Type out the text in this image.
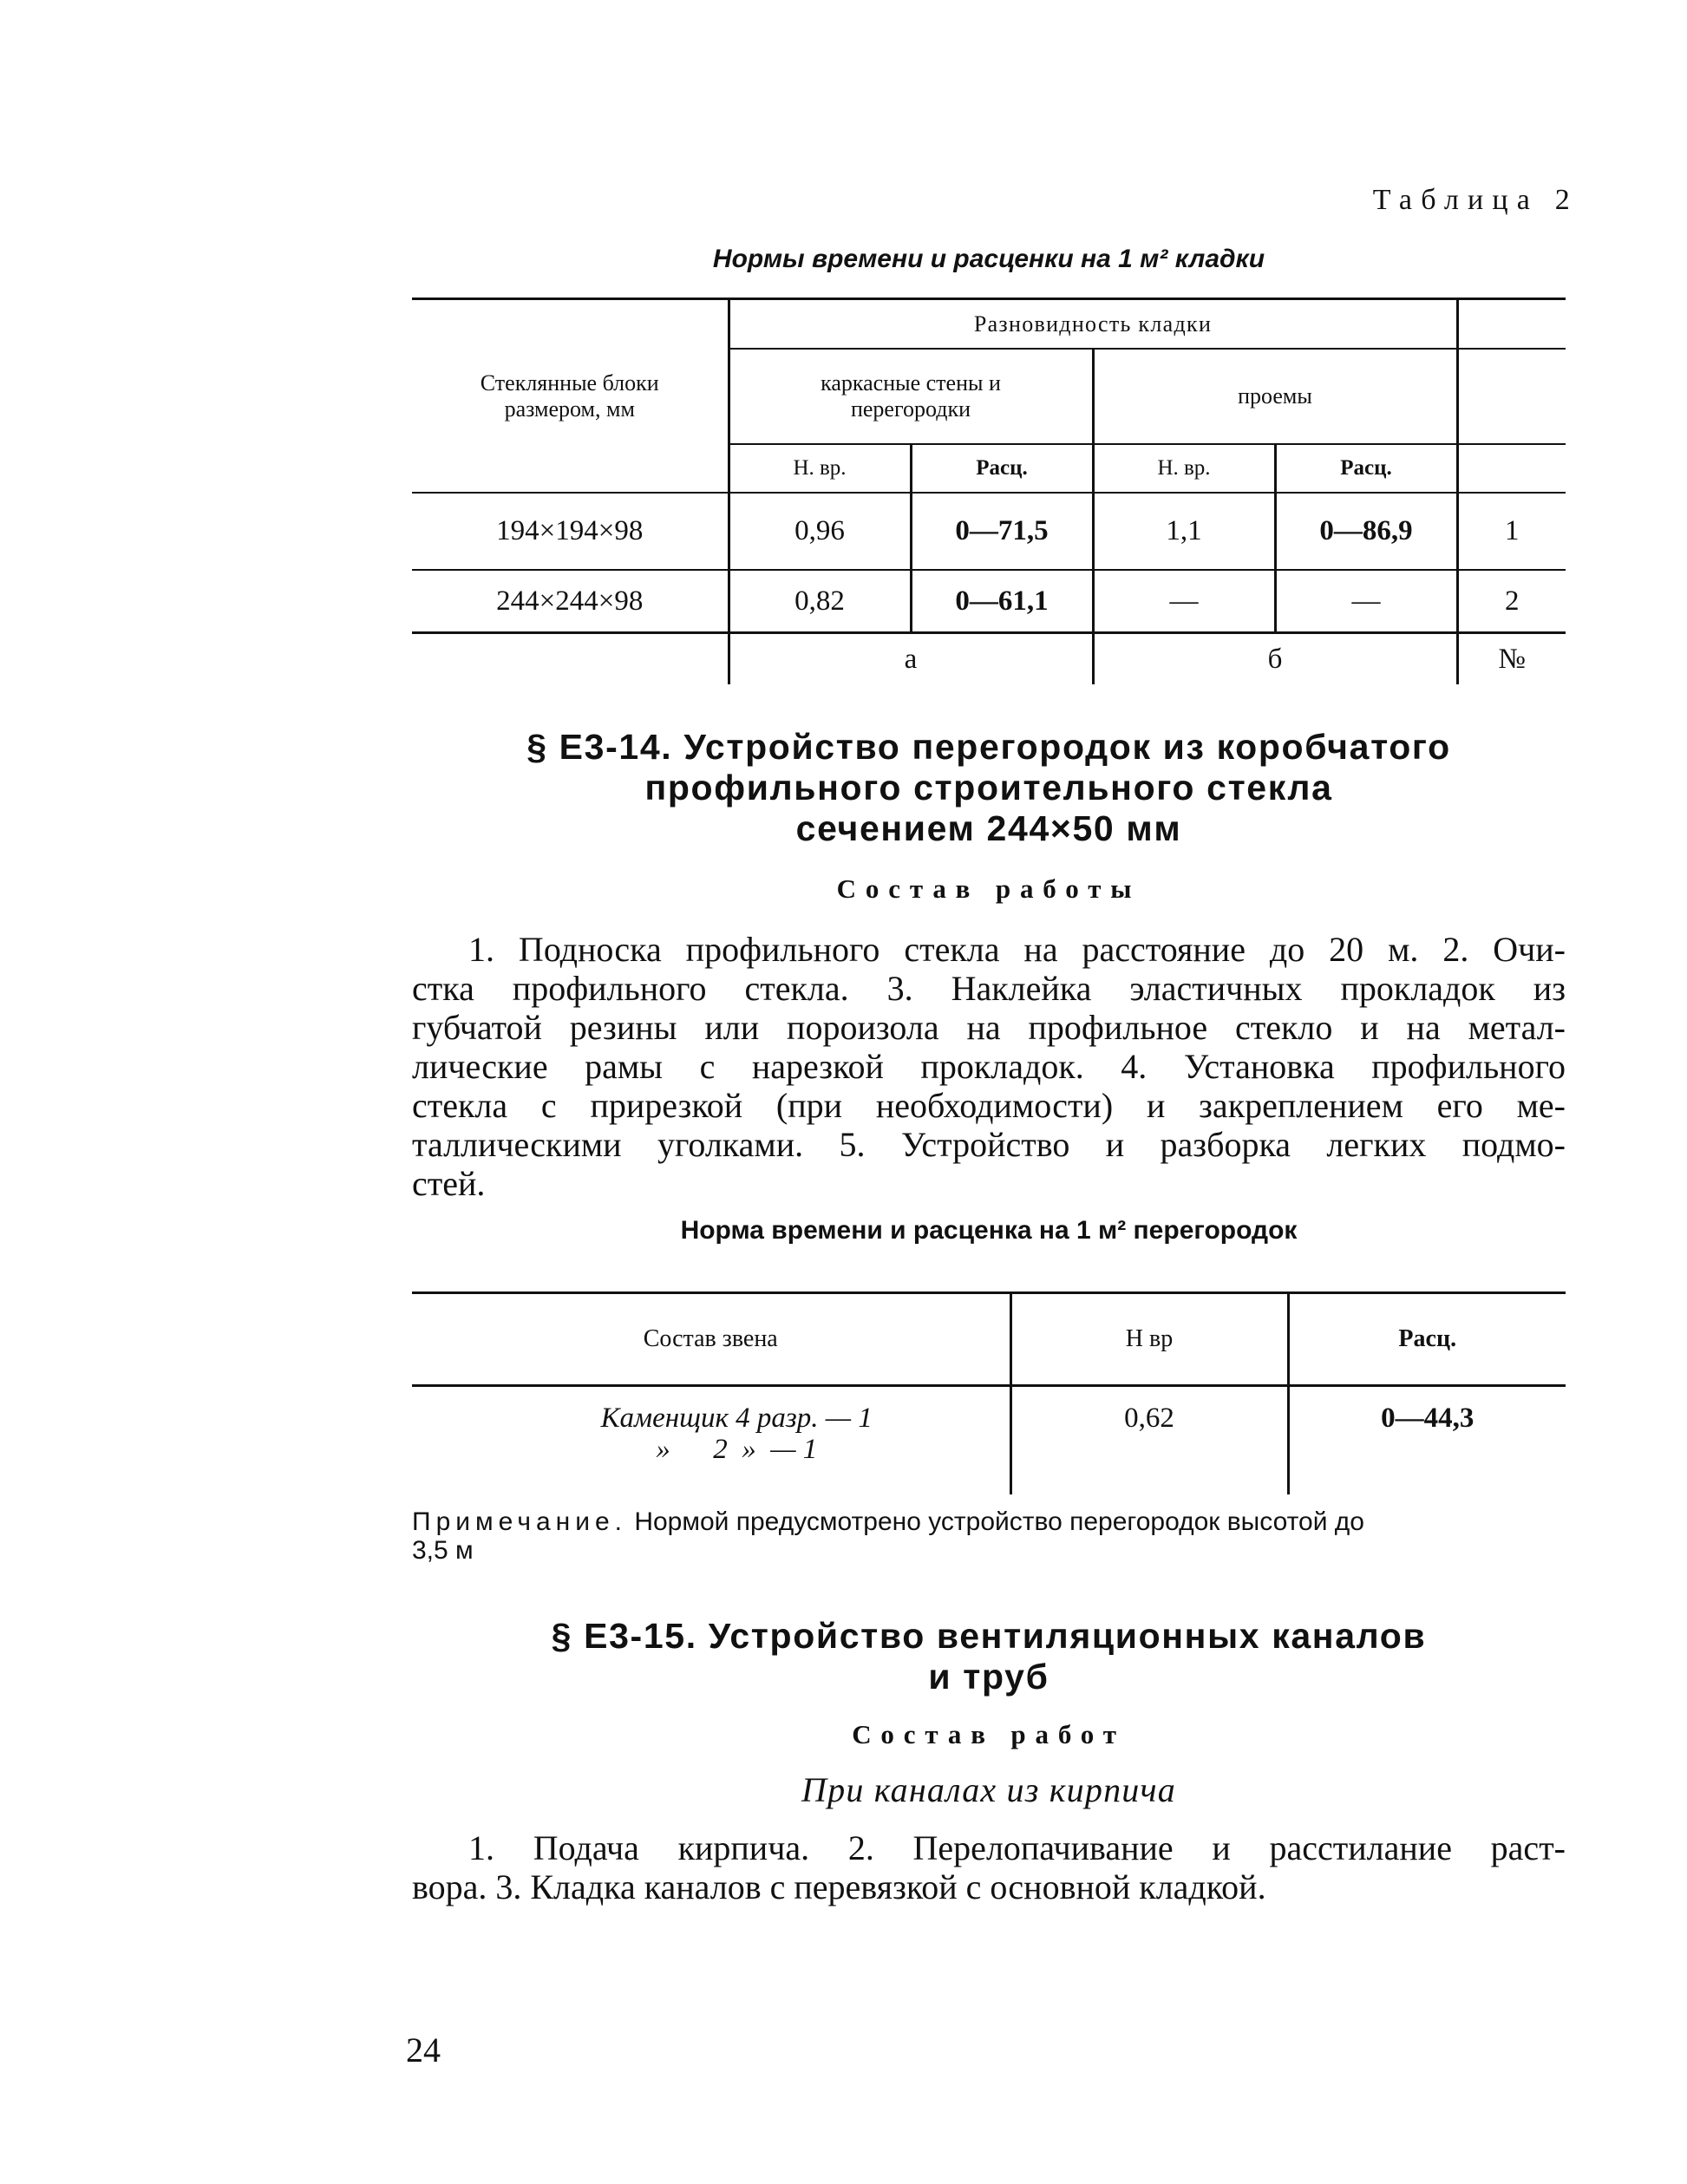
Таблица 2
Нормы времени и расценки на 1 м² кладки
Стеклянные блоки размером, мм	Разновидность кладки				
	каркасные стены и перегородки		проемы		
	Н. вр.	Расц.	Н. вр.	Расц.	
194×194×98	0,96	0—71,5	1,1	0—86,9	1
244×244×98	0,82	0—61,1	—	—	2
	а		б		№
§ Е3-14. Устройство перегородок из коробчатого
профильного строительного стекла
сечением 244×50 мм
Состав работы
1. Подноска профильного стекла на расстояние до 20 м. 2. Очи-
стка профильного стекла. 3. Наклейка эластичных прокладок из
губчатой резины или пороизола на профильное стекло и на метал-
лические рамы с нарезкой прокладок. 4. Установка профильного
стекла с прирезкой (при необходимости) и закреплением его ме-
таллическими уголками. 5. Устройство и разборка легких подмо-
стей.
Норма времени и расценка на 1 м² перегородок
Состав звена	Н вр	Расц.

Каменщик 4 разр. — 1
»      2  »  — 1	0,62	0—44,3
Примечание. Нормой предусмотрено устройство перегородок высотой до
3,5 м
§ Е3-15. Устройство вентиляционных каналов
и труб
Состав работ
При каналах из кирпича
1. Подача кирпича. 2. Перелопачивание и расстилание раст-
вора. 3. Кладка каналов с перевязкой с основной кладкой.
24
